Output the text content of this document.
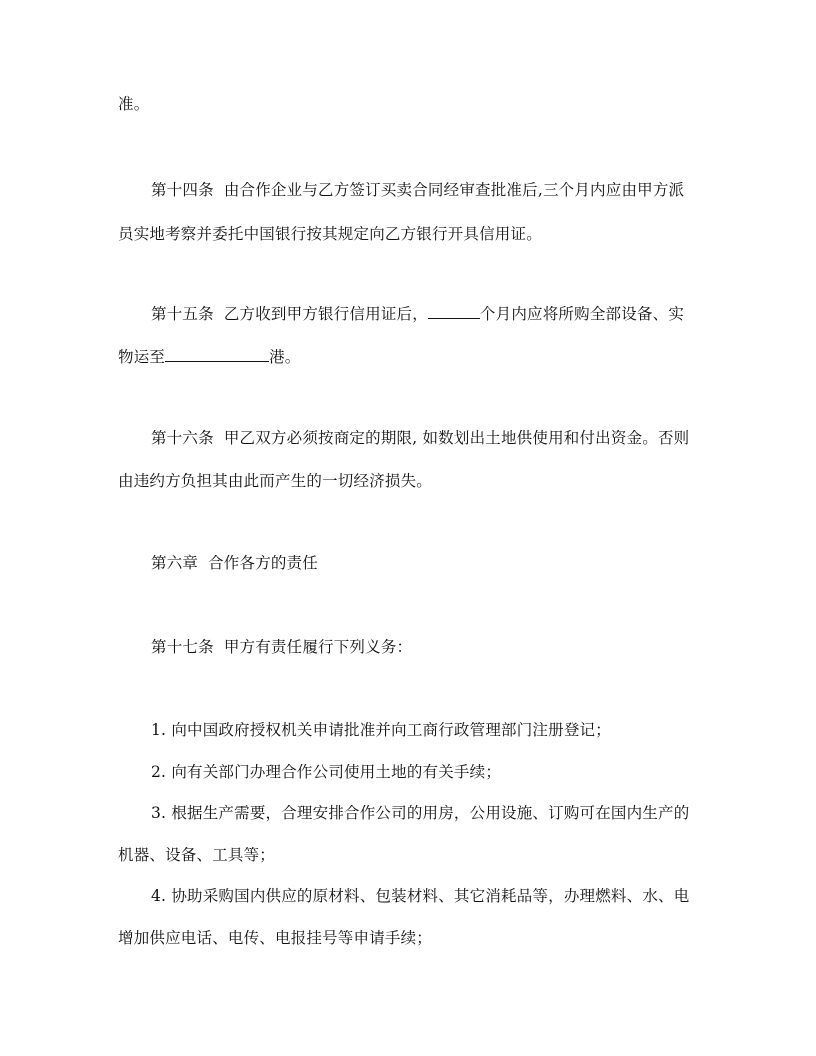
准。
第十四条 由合作企业与乙方签订买卖合同经审查批准后,三个月内应由甲方派
员实地考察并委托中国银行按其规定向乙方银行开具信用证。
第十五条 乙方收到甲方银行信用证后，	个月内应将所购全部设备、实
物运至	港。
第十六条 甲乙双方必须按商定的期限, 如数划出土地供使用和付出资金。否则
由违约方负担其由此而产生的一切经济损失。
第六章 合作各方的责任
第十七条 甲方有责任履行下列义务：
1. 向中国政府授权机关申请批准并向工商行政管理部门注册登记；
2. 向有关部门办理合作公司使用土地的有关手续；
3. 根据生产需要，合理安排合作公司的用房，公用设施、订购可在国内生产的
机器、设备、工具等；
4. 协助采购国内供应的原材料、包装材料、其它消耗品等，办理燃料、水、电
增加供应电话、电传、电报挂号等申请手续；
